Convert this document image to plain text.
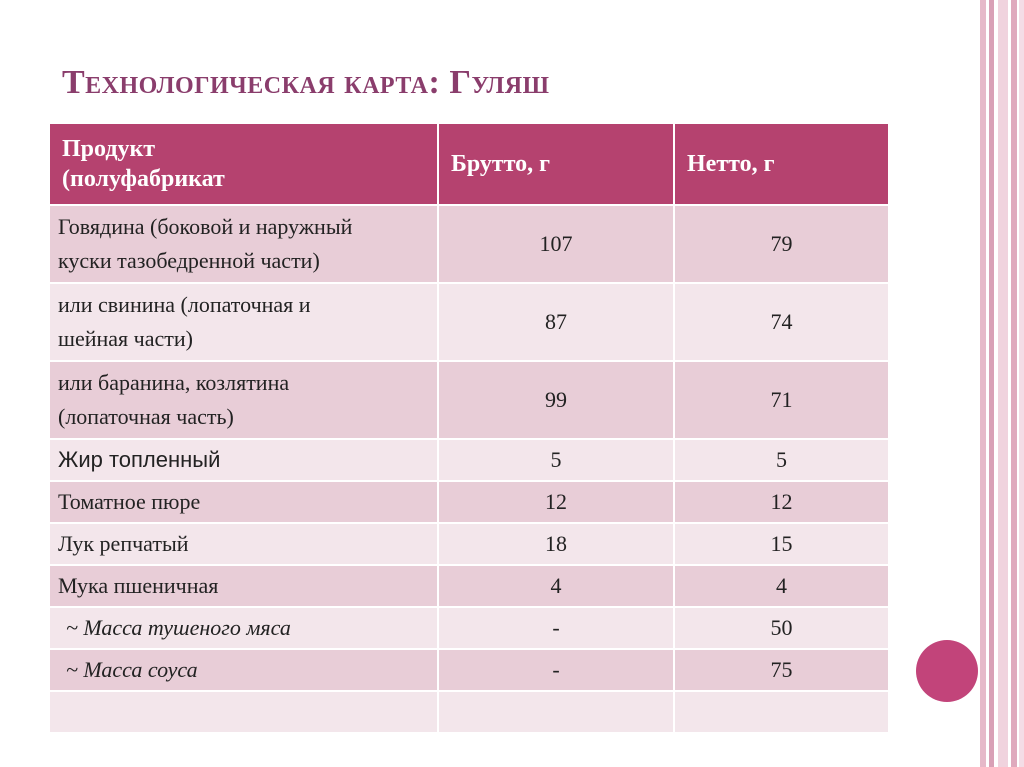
Технологическая карта: Гуляш
Продукт
(полуфабрикат	Брутто, г	Нетто, г
Говядина (боковой и наружный
куски тазобедренной части)	107	79
или свинина (лопаточная и
шейная части)	87	74
или баранина, козлятина
(лопаточная часть)	99	71
Жир топленный	5	5
Томатное пюре	12	12
Лук репчатый	18	15
Мука пшеничная	4	4
~ Масса тушеного мяса	-	50
~ Масса соуса	-	75
